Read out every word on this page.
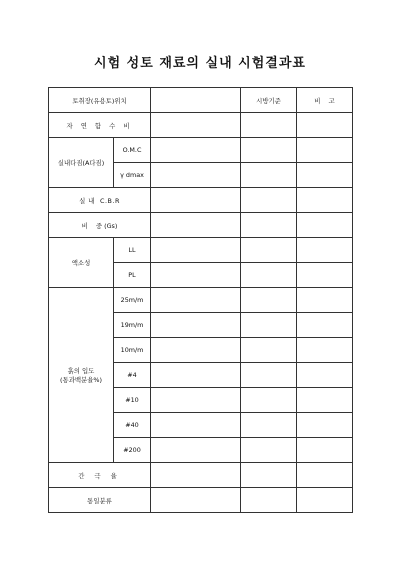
시험 성토 재료의 실내 시험결과표
토취장(유용토)위치			시방기준	비    고
자 연 함 수 비				
실내다짐(A다짐)	O.M.C			
	γ dmax			
실 내  C.B.R				
비    중 (Gs)				
액소성	LL			
	PL			

흙의 입도
(통과백분율%)	25m/m			
	19m/m			
	10m/m			
	#4			
	#10			
	#40			
	#200			
간 극 율				
통일분류				
